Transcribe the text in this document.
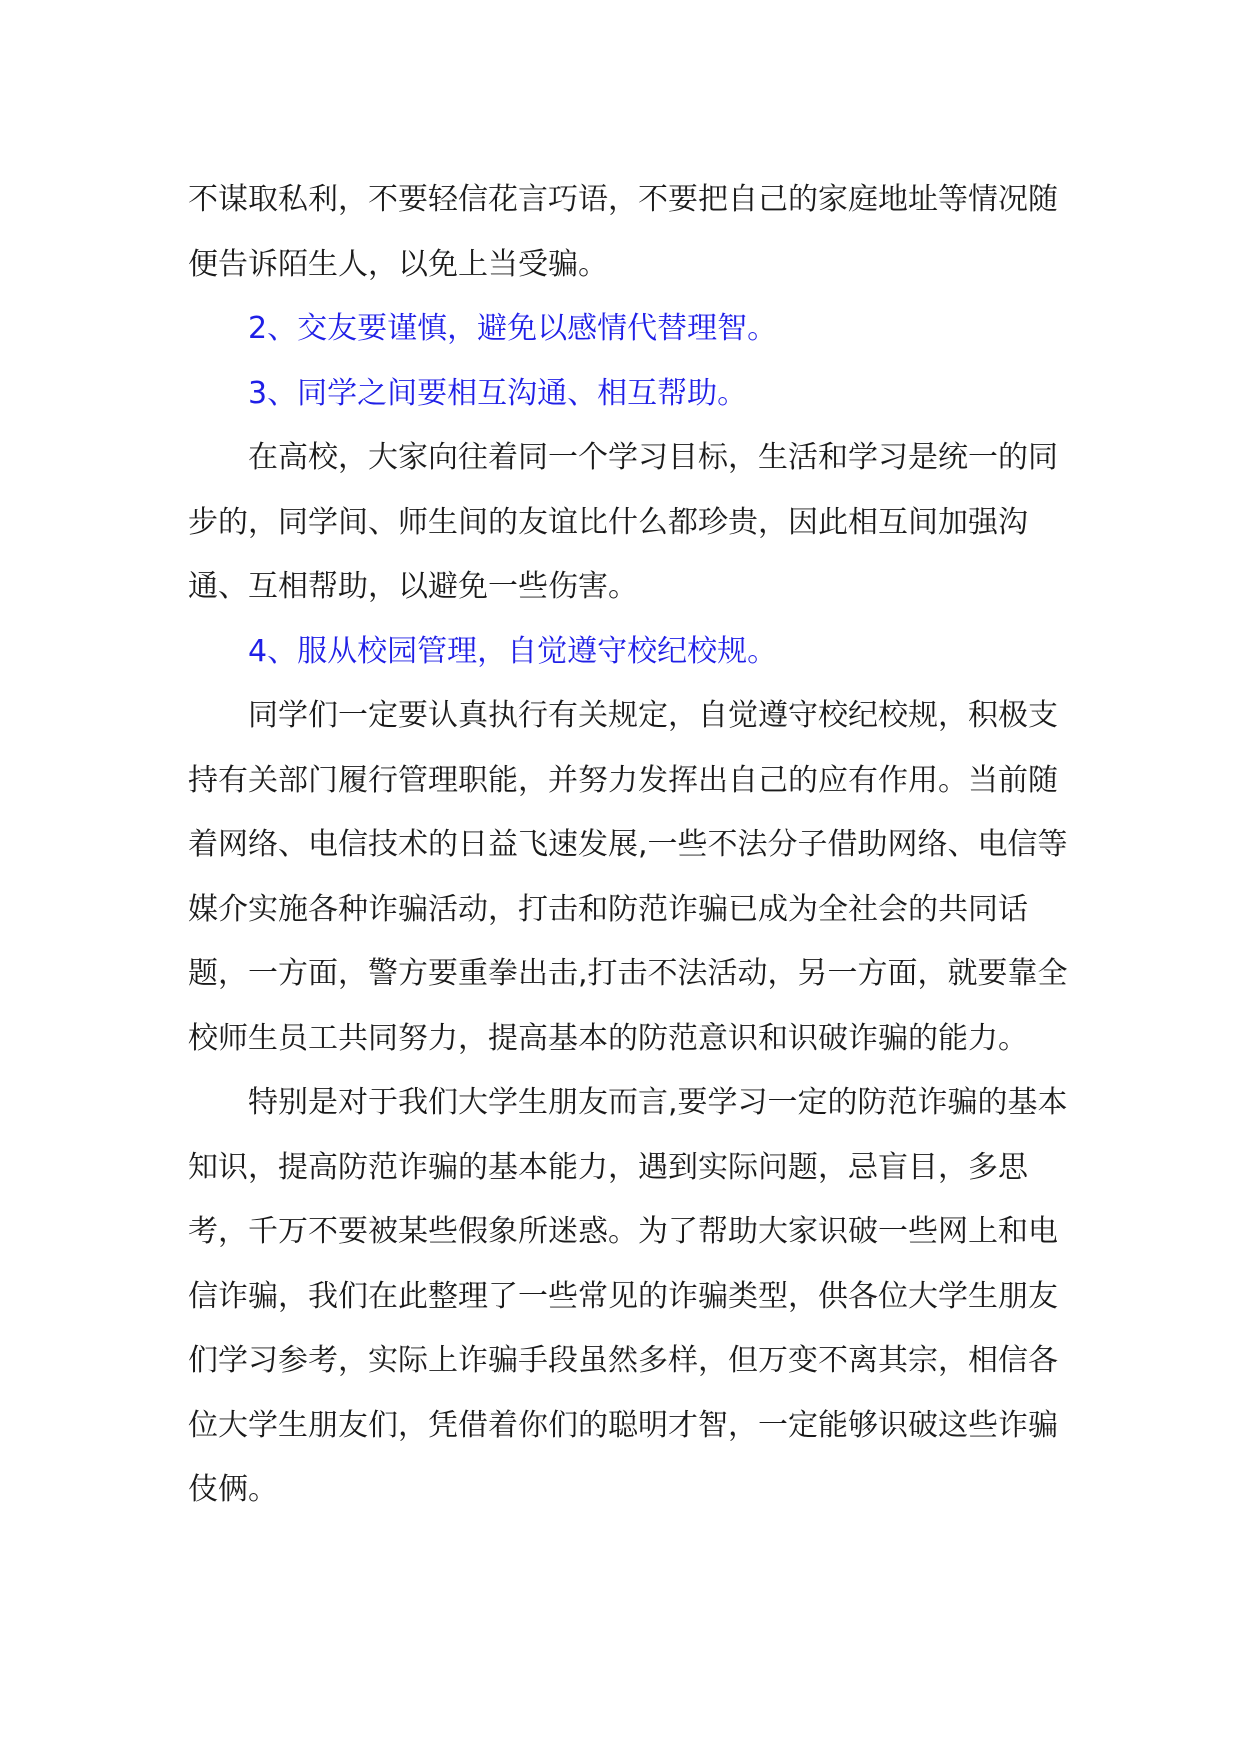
不谋取私利，不要轻信花言巧语，不要把自己的家庭地址等情况随
便告诉陌生人，以免上当受骗。
2、交友要谨慎，避免以感情代替理智。
3、同学之间要相互沟通、相互帮助。
在高校，大家向往着同一个学习目标，生活和学习是统一的同
步的，同学间、师生间的友谊比什么都珍贵，因此相互间加强沟
通、互相帮助，以避免一些伤害。
4、服从校园管理，自觉遵守校纪校规。
同学们一定要认真执行有关规定，自觉遵守校纪校规，积极支
持有关部门履行管理职能，并努力发挥出自己的应有作用。当前随
着网络、电信技术的日益飞速发展,一些不法分子借助网络、电信等
媒介实施各种诈骗活动，打击和防范诈骗已成为全社会的共同话
题，一方面，警方要重拳出击,打击不法活动，另一方面，就要靠全
校师生员工共同努力，提高基本的防范意识和识破诈骗的能力。
特别是对于我们大学生朋友而言,要学习一定的防范诈骗的基本
知识，提高防范诈骗的基本能力，遇到实际问题，忌盲目，多思
考，千万不要被某些假象所迷惑。为了帮助大家识破一些网上和电
信诈骗，我们在此整理了一些常见的诈骗类型，供各位大学生朋友
们学习参考，实际上诈骗手段虽然多样，但万变不离其宗，相信各
位大学生朋友们，凭借着你们的聪明才智，一定能够识破这些诈骗
伎俩。
